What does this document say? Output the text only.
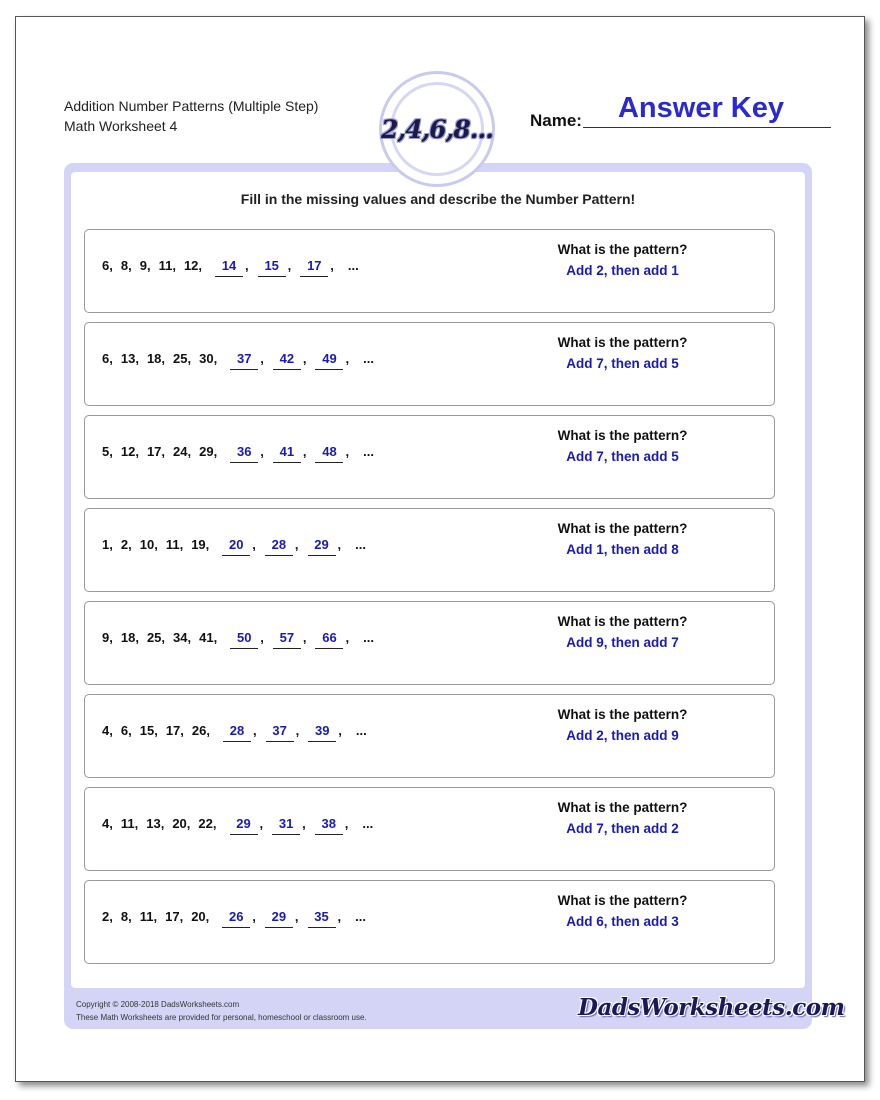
Addition Number Patterns (Multiple Step)
Math Worksheet 4	2,4,6,8... Name:	Answer Key
Fill in the missing values and describe the Number Pattern!
6 , 8 , 9 , 11 , 12 ,	14 ,	15 ,	17 , ...
What is the pattern?
Add 2, then add 1
6 , 13 , 18 , 25 , 30 ,	37 ,	42 ,	49 , ...
What is the pattern?
Add 7, then add 5
5 , 12 , 17 , 24 , 29 ,	36 ,	41 ,	48 , ...
What is the pattern?
Add 7, then add 5
1 , 2 , 10 , 11 , 19 ,	20 ,	28 ,	29 , ...
What is the pattern?
Add 1, then add 8
9 , 18 , 25 , 34 , 41 ,	50 ,	57 ,	66 , ...
What is the pattern?
Add 9, then add 7
4 , 6 , 15 , 17 , 26 ,	28 ,	37 ,	39 , ...
What is the pattern?
Add 2, then add 9
4 , 11 , 13 , 20 , 22 ,	29 ,	31 ,	38 , ...
What is the pattern?
Add 7, then add 2
2 , 8 , 11 , 17 , 20 ,	26 ,	29 ,	35 , ...
What is the pattern?
Add 6, then add 3
Copyright © 2008-2018 DadsWorksheets.com
These Math Worksheets are provided for personal, homeschool or classroom use.	DadsWorksheets.com
